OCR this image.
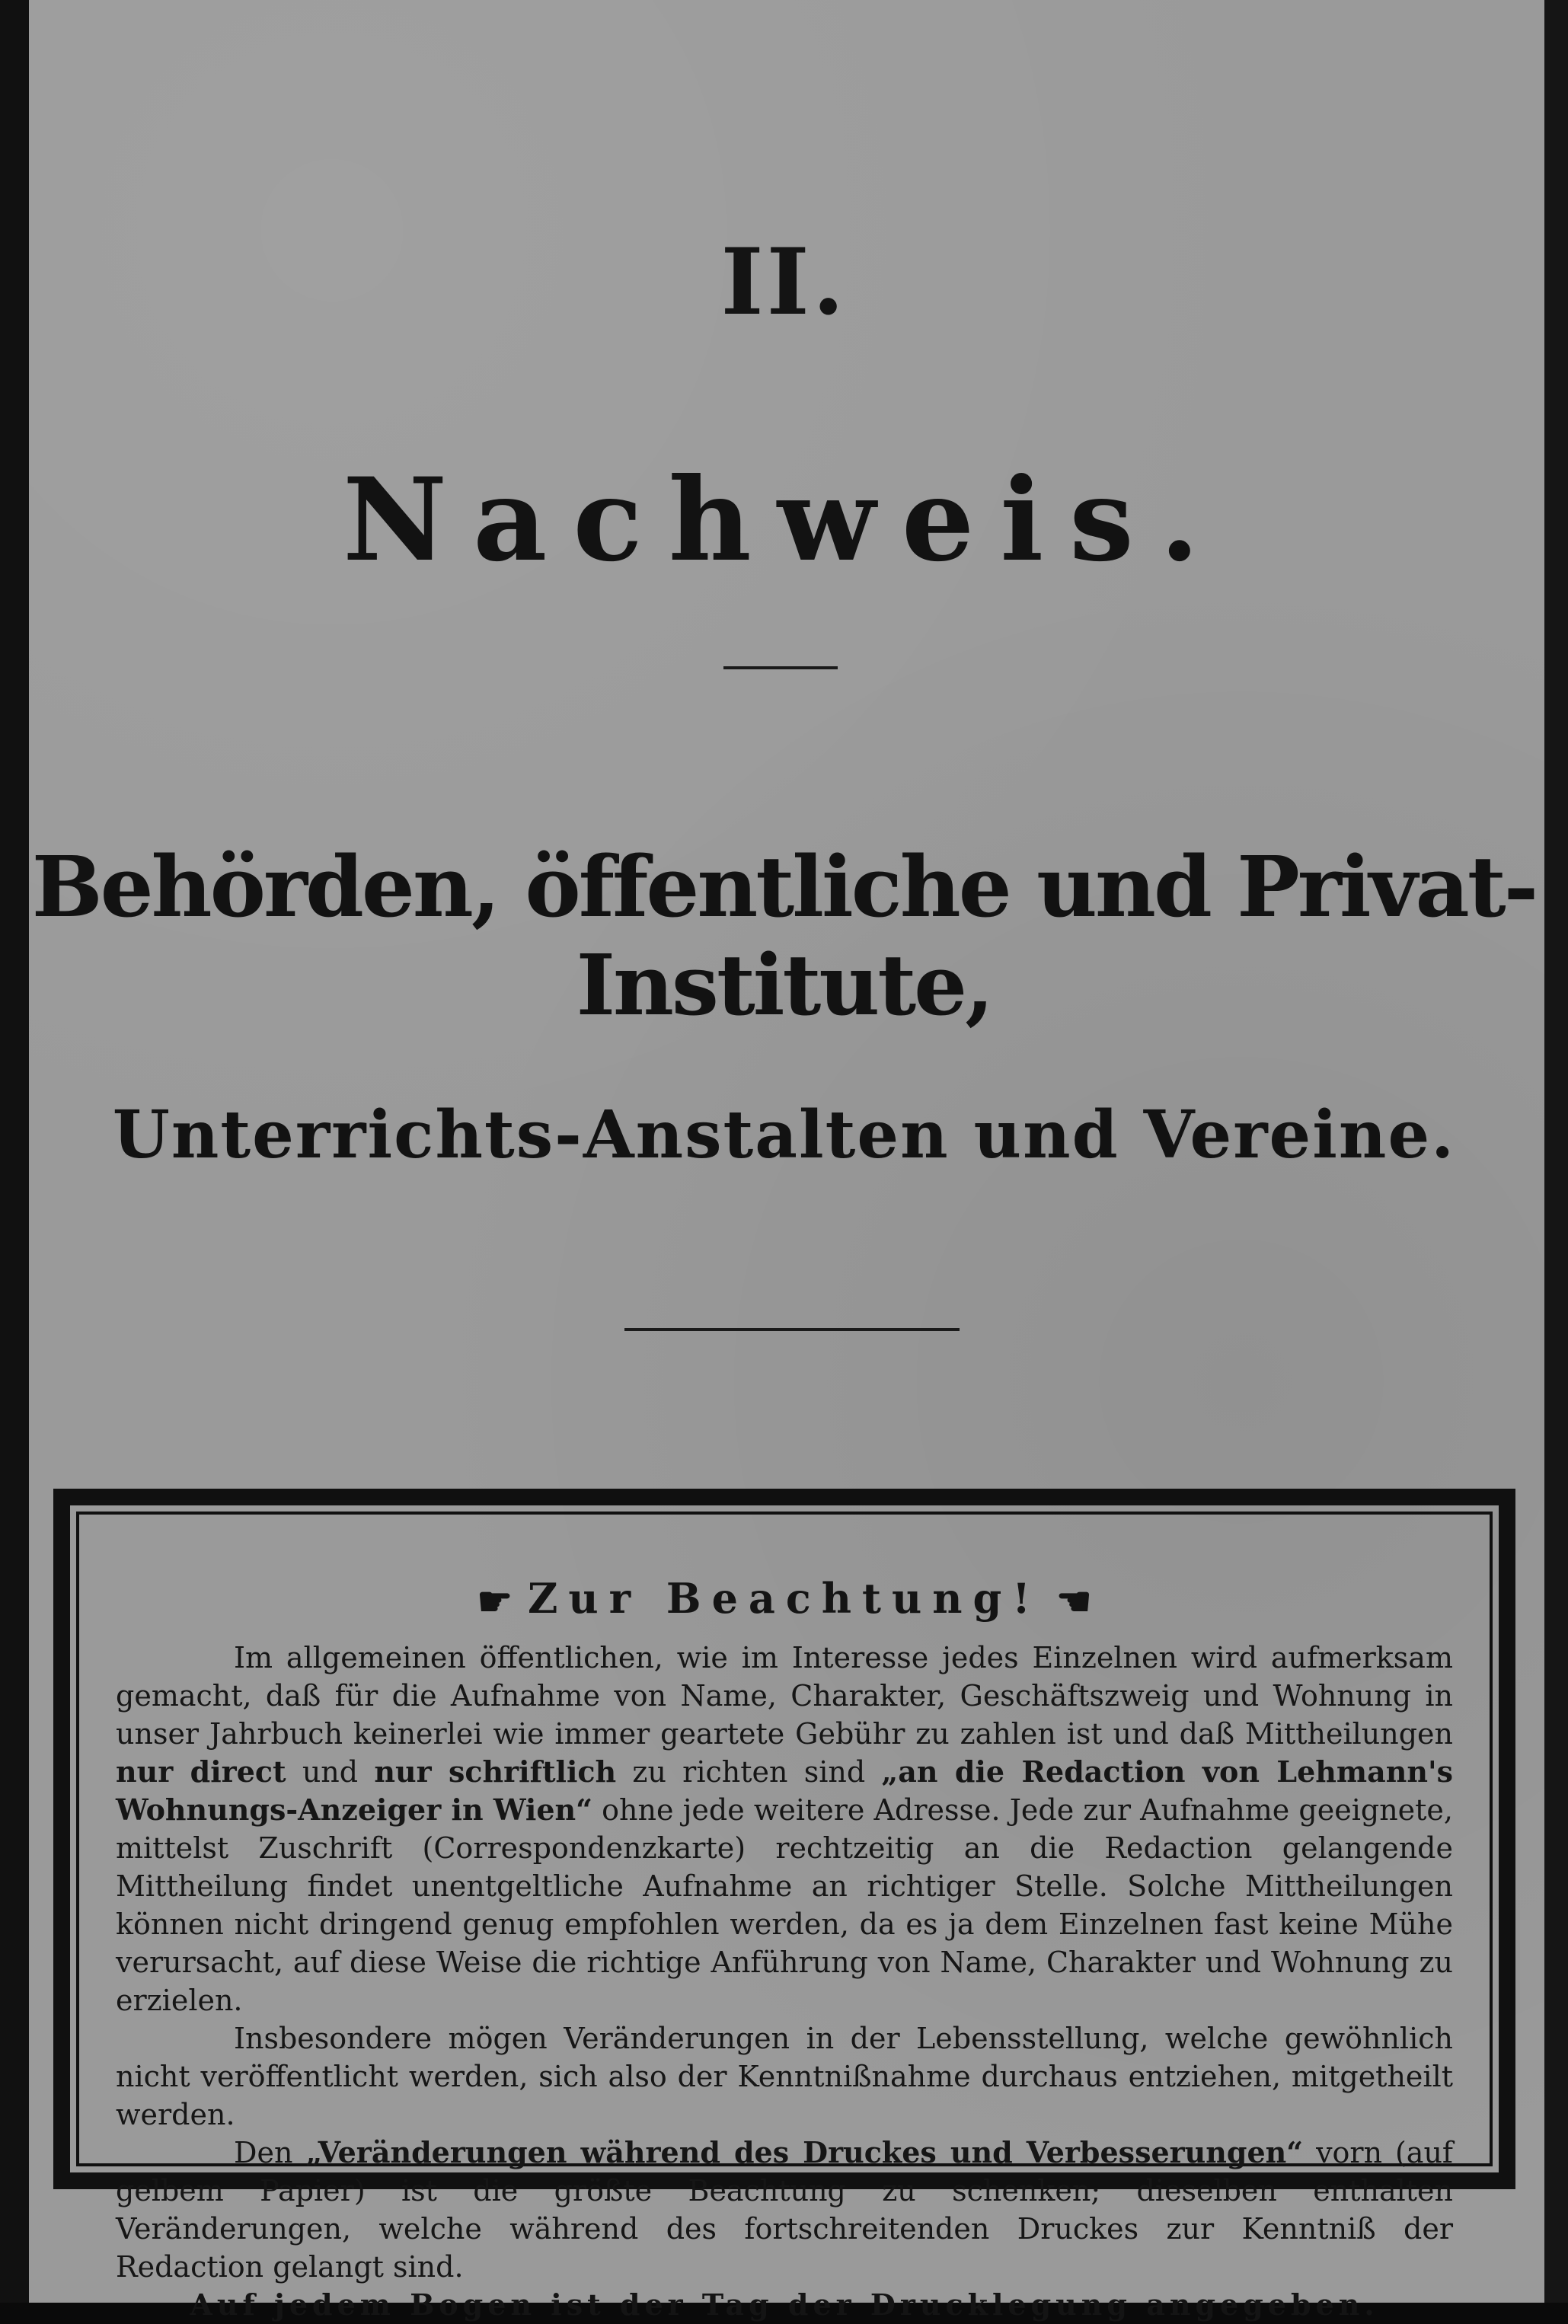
II.
Nachweis.
Behörden, öffentliche und Privat-Institute,
Unterrichts-Anstalten und Vereine.
☛ Zur Beachtung! ☚

Im allgemeinen öffentlichen, wie im Interesse jedes Einzelnen wird aufmerksam gemacht, daß für die Aufnahme von Name, Charakter, Geschäftszweig und Wohnung in unser Jahrbuch keinerlei wie immer geartete Gebühr zu zahlen ist und daß Mittheilungen nur direct und nur schriftlich zu richten sind „an die Redaction von Lehmann's Wohnungs-Anzeiger in Wien“ ohne jede weitere Adresse. Jede zur Aufnahme geeignete, mittelst Zuschrift (Correspondenzkarte) rechtzeitig an die Redaction gelangende Mittheilung findet unentgeltliche Aufnahme an richtiger Stelle. Solche Mittheilungen können nicht dringend genug empfohlen werden, da es ja dem Einzelnen fast keine Mühe verursacht, auf diese Weise die richtige Anführung von Name, Charakter und Wohnung zu erzielen.

Insbesondere mögen Veränderungen in der Lebensstellung, welche gewöhnlich nicht veröffentlicht werden, sich also der Kenntnißnahme durchaus entziehen, mitgetheilt werden.

Den „Veränderungen während des Druckes und Verbesserungen“ vorn (auf gelbem Papier) ist die größte Beachtung zu schenken; dieselben enthalten Veränderungen, welche während des fortschreitenden Druckes zur Kenntniß der Redaction gelangt sind.

Auf jedem Bogen ist der Tag der Drucklegung angegeben.
